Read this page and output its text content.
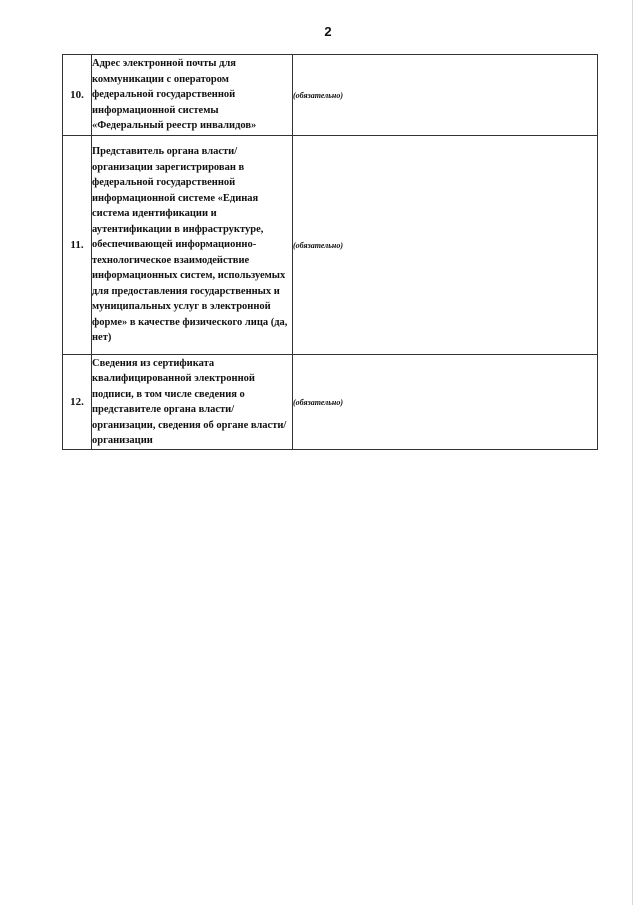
2
10.	Адрес электронной почты для коммуникации с оператором федеральной государственной информационной системы «Федеральный реестр инвалидов»	(обязательно)
11.	Представитель органа власти/организации зарегистрирован в федеральной государственной информационной системе «Единая система идентификации и аутентификации в инфраструктуре, обеспечивающей информационно-технологическое взаимодействие информационных систем, используемых для предоставления государственных и муниципальных услуг в электронной форме» в качестве физического лица (да, нет)	(обязательно)
12.	Сведения из сертификата квалифицированной электронной подписи, в том числе сведения о представителе органа власти/организации, сведения об органе власти/организации	(обязательно)
